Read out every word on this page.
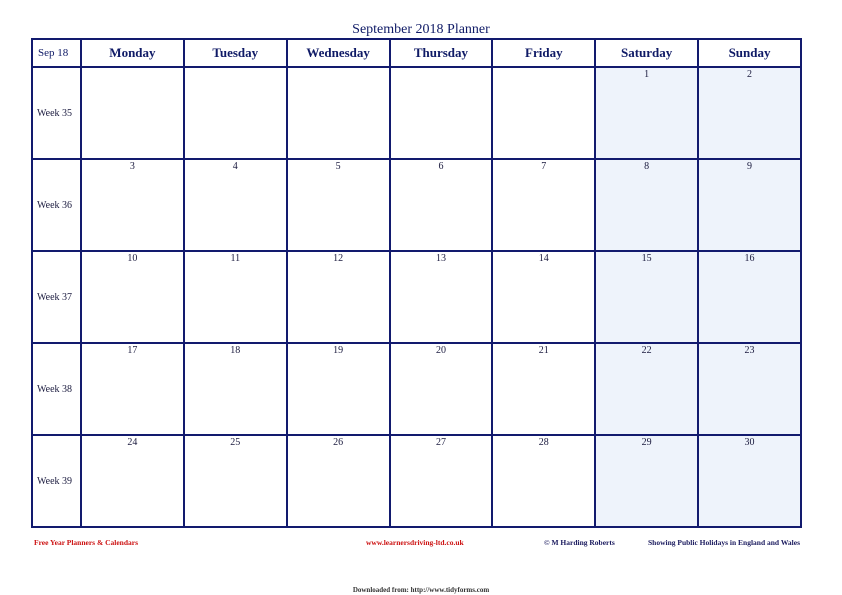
September 2018 Planner
Sep 18	Monday	Tuesday	Wednesday	Thursday	Friday	Saturday	Sunday
Week 35						1	2

Week 36	3	4	5	6	7	8	9

Week 37	10	11	12	13	14	15	16

Week 38	17	18	19	20	21	22	23

Week 39	24	25	26	27	28	29	30
Free Year Planners & Calendars	www.learnersdriving-ltd.co.uk	© M Harding Roberts	Showing Public Holidays in England and Wales
Downloaded from: http://www.tidyforms.com
